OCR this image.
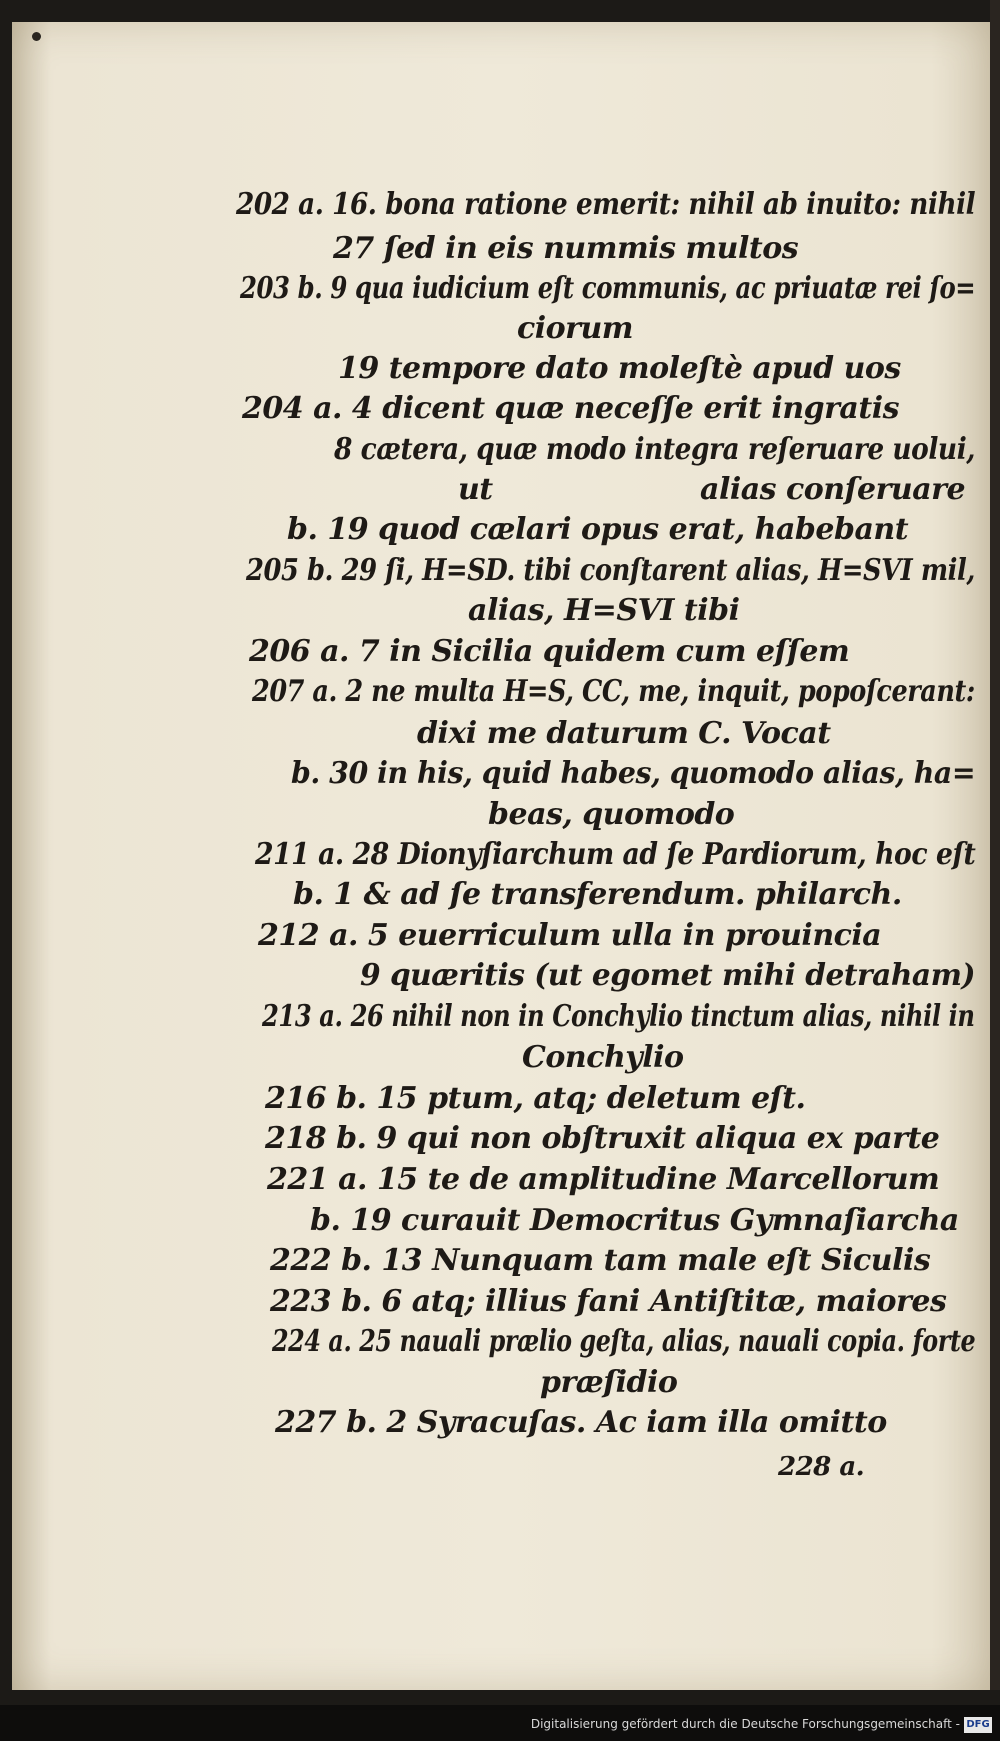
202 a. 16. bona ratione emerit: nihil ab inuito: nihil
27 ſed in eis nummis multos
203 b. 9 qua iudicium eſt communis, ac priuatæ rei ſo=
ciorum
19 tempore dato moleſtè apud uos
204 a. 4 dicent quæ neceſſe erit ingratis
8 cætera, quæ modo integra reſeruare uolui,
ut	alias conſeruare
b. 19 quod cælari opus erat, habebant
205 b. 29 ſi, H=SD. tibi conſtarent alias, H=SVI mil,
alias, H=SVI tibi
206 a. 7 in Sicilia quidem cum eſſem
207 a. 2 ne multa H=S, CC, me, inquit, popoſcerant:
dixi me daturum C. Vocat
b. 30 in his, quid habes, quomodo alias, ha=
beas, quomodo
211 a. 28 Dionyſiarchum ad ſe Pardiorum, hoc eſt
b. 1 & ad ſe transferendum. philarch.
212 a. 5 euerriculum ulla in prouincia
9 quæritis (ut egomet mihi detraham)
213 a. 26 nihil non in Conchylio tinctum alias, nihil in
Conchylio
216 b. 15 ptum, atq; deletum eſt.
218 b. 9 qui non obſtruxit aliqua ex parte
221 a. 15 te de amplitudine Marcellorum
b. 19 curauit Democritus Gymnaſiarcha
222 b. 13 Nunquam tam male eſt Siculis
223 b. 6 atq; illius fani Antiſtitæ, maiores
224 a. 25 nauali prælio geſta, alias, nauali copia. forte
præſidio
227 b. 2 Syracuſas. Ac iam illa omitto
228 a.
Digitalisierung gefördert durch die Deutsche Forschungsgemeinschaft - DFG
